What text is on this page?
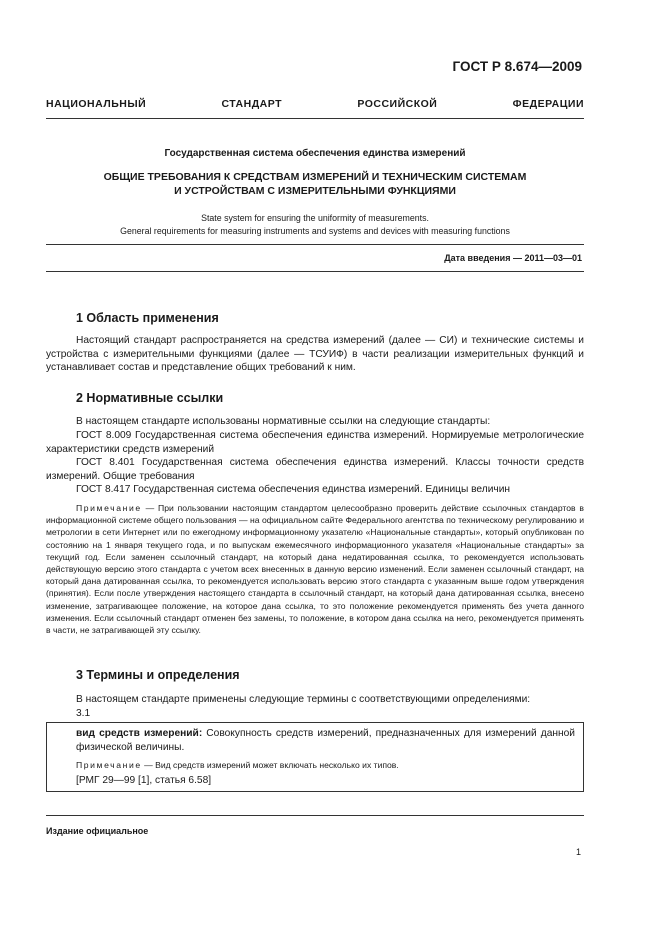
ГОСТ Р 8.674—2009
НАЦИОНАЛЬНЫЙ СТАНДАРТ РОССИЙСКОЙ ФЕДЕРАЦИИ
Государственная система обеспечения единства измерений
ОБЩИЕ ТРЕБОВАНИЯ К СРЕДСТВАМ ИЗМЕРЕНИЙ И ТЕХНИЧЕСКИМ СИСТЕМАМ
И УСТРОЙСТВАМ С ИЗМЕРИТЕЛЬНЫМИ ФУНКЦИЯМИ
State system for ensuring the uniformity of measurements.
General requirements for measuring instruments and systems and devices with measuring functions
Дата введения — 2011—03—01
1 Область применения
Настоящий стандарт распространяется на средства измерений (далее — СИ) и технические системы и устройства с измерительными функциями (далее — ТСУИФ) в части реализации измерительных функций и устанавливает состав и представление общих требований к ним.
2 Нормативные ссылки
В настоящем стандарте использованы нормативные ссылки на следующие стандарты:
ГОСТ 8.009 Государственная система обеспечения единства измерений. Нормируемые метрологические характеристики средств измерений
ГОСТ 8.401 Государственная система обеспечения единства измерений. Классы точности средств измерений. Общие требования
ГОСТ 8.417 Государственная система обеспечения единства измерений. Единицы величин
Примечание — При пользовании настоящим стандартом целесообразно проверить действие ссылочных стандартов в информационной системе общего пользования — на официальном сайте Федерального агентства по техническому регулированию и метрологии в сети Интернет или по ежегодному информационному указателю «Национальные стандарты», который опубликован по состоянию на 1 января текущего года, и по выпускам ежемесячного информационного указателя «Национальные стандарты» за текущий год. Если заменен ссылочный стандарт, на который дана недатированная ссылка, то рекомендуется использовать действующую версию этого стандарта с учетом всех внесенных в данную версию изменений. Если заменен ссылочный стандарт, на который дана датированная ссылка, то рекомендуется использовать версию этого стандарта с указанным выше годом утверждения (принятия). Если после утверждения настоящего стандарта в ссылочный стандарт, на который дана датированная ссылка, внесено изменение, затрагивающее положение, на которое дана ссылка, то это положение рекомендуется применять без учета данного изменения. Если ссылочный стандарт отменен без замены, то положение, в котором дана ссылка на него, рекомендуется применять в части, не затрагивающей эту ссылку.
3 Термины и определения
В настоящем стандарте применены следующие термины с соответствующими определениями:
3.1
вид средств измерений: Совокупность средств измерений, предназначенных для измерений данной физической величины.
Примечание — Вид средств измерений может включать несколько их типов.
[РМГ 29—99 [1], статья 6.58]
Издание официальное
1
